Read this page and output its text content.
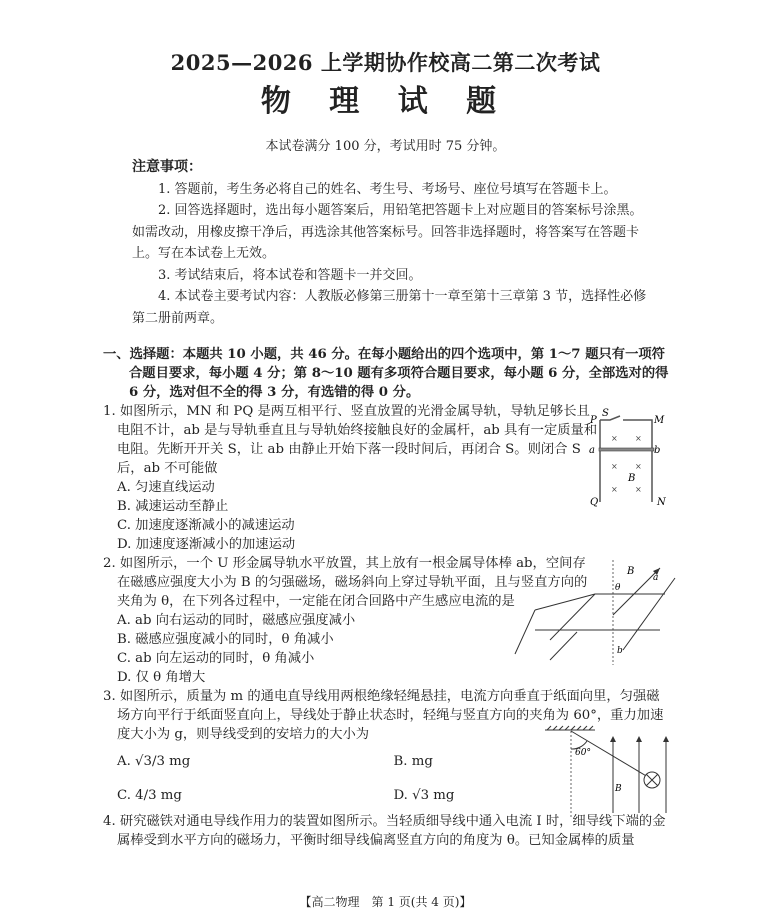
2025—2026 上学期协作校高二第二次考试
物 理 试 题
本试卷满分 100 分，考试用时 75 分钟。
注意事项：

1. 答题前，考生务必将自己的姓名、考生号、考场号、座位号填写在答题卡上。

2. 回答选择题时，选出每小题答案后，用铅笔把答题卡上对应题目的答案标号涂黑。如需改动，用橡皮擦干净后，再选涂其他答案标号。回答非选择题时，将答案写在答题卡上。写在本试卷上无效。

3. 考试结束后，将本试卷和答题卡一并交回。

4. 本试卷主要考试内容：人教版必修第三册第十一章至第十三章第 3 节，选择性必修第二册前两章。

一、选择题：本题共 10 小题，共 46 分。在每小题给出的四个选项中，第 1～7 题只有一项符合题目要求，每小题 4 分；第 8～10 题有多项符合题目要求，每小题 6 分，全部选对的得 6 分，选对但不全的得 3 分，有选错的得 0 分。

1. 如图所示，MN 和 PQ 是两互相平行、竖直放置的光滑金属导轨，导轨足够长且电阻不计，ab 是与导轨垂直且与导轨始终接触良好的金属杆，ab 具有一定质量和电阻。先断开开关 S，让 ab 由静止开始下落一段时间后，再闭合 S。则闭合 S 后，ab 不可能做

A. 匀速直线运动

B. 减速运动至静止

C. 加速度逐渐减小的减速运动

D. 加速度逐渐减小的加速运动

2. 如图所示，一个 U 形金属导轨水平放置，其上放有一根金属导体棒 ab，空间存在磁感应强度大小为 B 的匀强磁场，磁场斜向上穿过导轨平面，且与竖直方向的夹角为 θ，在下列各过程中，一定能在闭合回路中产生感应电流的是

A. ab 向右运动的同时，磁感应强度减小

B. 磁感应强度减小的同时，θ 角减小

C. ab 向左运动的同时，θ 角减小

D. 仅 θ 角增大

3. 如图所示，质量为 m 的通电直导线用两根绝缘轻绳悬挂，电流方向垂直于纸面向里，匀强磁场方向平行于纸面竖直向上，导线处于静止状态时，轻绳与竖直方向的夹角为 60°，重力加速度大小为 g，则导线受到的安培力的大小为

A. √3/3 mg	B. mg
C. 4/3 mg	D. √3 mg

4. 研究磁铁对通电导线作用力的装置如图所示。当轻质细导线中通入电流 I 时，细导线下端的金属棒受到水平方向的磁场力，平衡时细导线偏离竖直方向的角度为 θ。已知金属棒的质量

S
P	M
a	b
B
Q	N
× ×
× ×
× ×
B
θ
a
b
60°
B
【高二物理　第 1 页(共 4 页)】
